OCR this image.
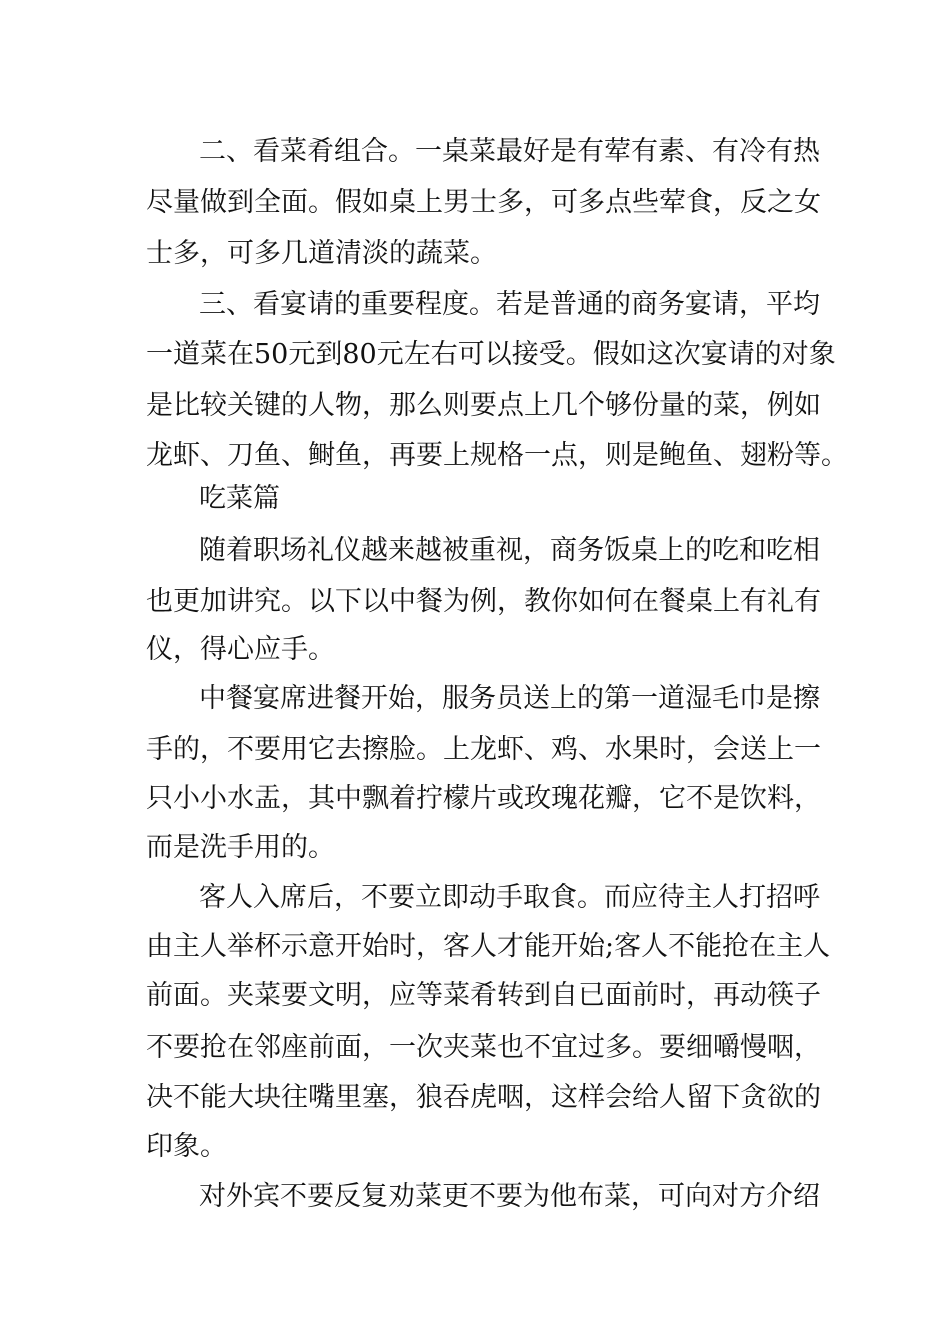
二、看菜肴组合。一桌菜最好是有荤有素、有冷有热
尽量做到全面。假如桌上男士多，可多点些荤食，反之女
士多，可多几道清淡的蔬菜。
三、看宴请的重要程度。若是普通的商务宴请，平均
一道菜在50元到80元左右可以接受。假如这次宴请的对象
是比较关键的人物，那么则要点上几个够份量的菜，例如
龙虾、刀鱼、鲥鱼，再要上规格一点，则是鲍鱼、翅粉等。
吃菜篇
随着职场礼仪越来越被重视，商务饭桌上的吃和吃相
也更加讲究。以下以中餐为例，教你如何在餐桌上有礼有
仪，得心应手。
中餐宴席进餐开始，服务员送上的第一道湿毛巾是擦
手的，不要用它去擦脸。上龙虾、鸡、水果时，会送上一
只小小水盂，其中飘着拧檬片或玫瑰花瓣，它不是饮料，
而是洗手用的。
客人入席后，不要立即动手取食。而应待主人打招呼
由主人举杯示意开始时，客人才能开始;客人不能抢在主人
前面。夹菜要文明，应等菜肴转到自已面前时，再动筷子
不要抢在邻座前面，一次夹菜也不宜过多。要细嚼慢咽，
决不能大块往嘴里塞，狼吞虎咽，这样会给人留下贪欲的
印象。
对外宾不要反复劝菜更不要为他布菜，可向对方介绍
